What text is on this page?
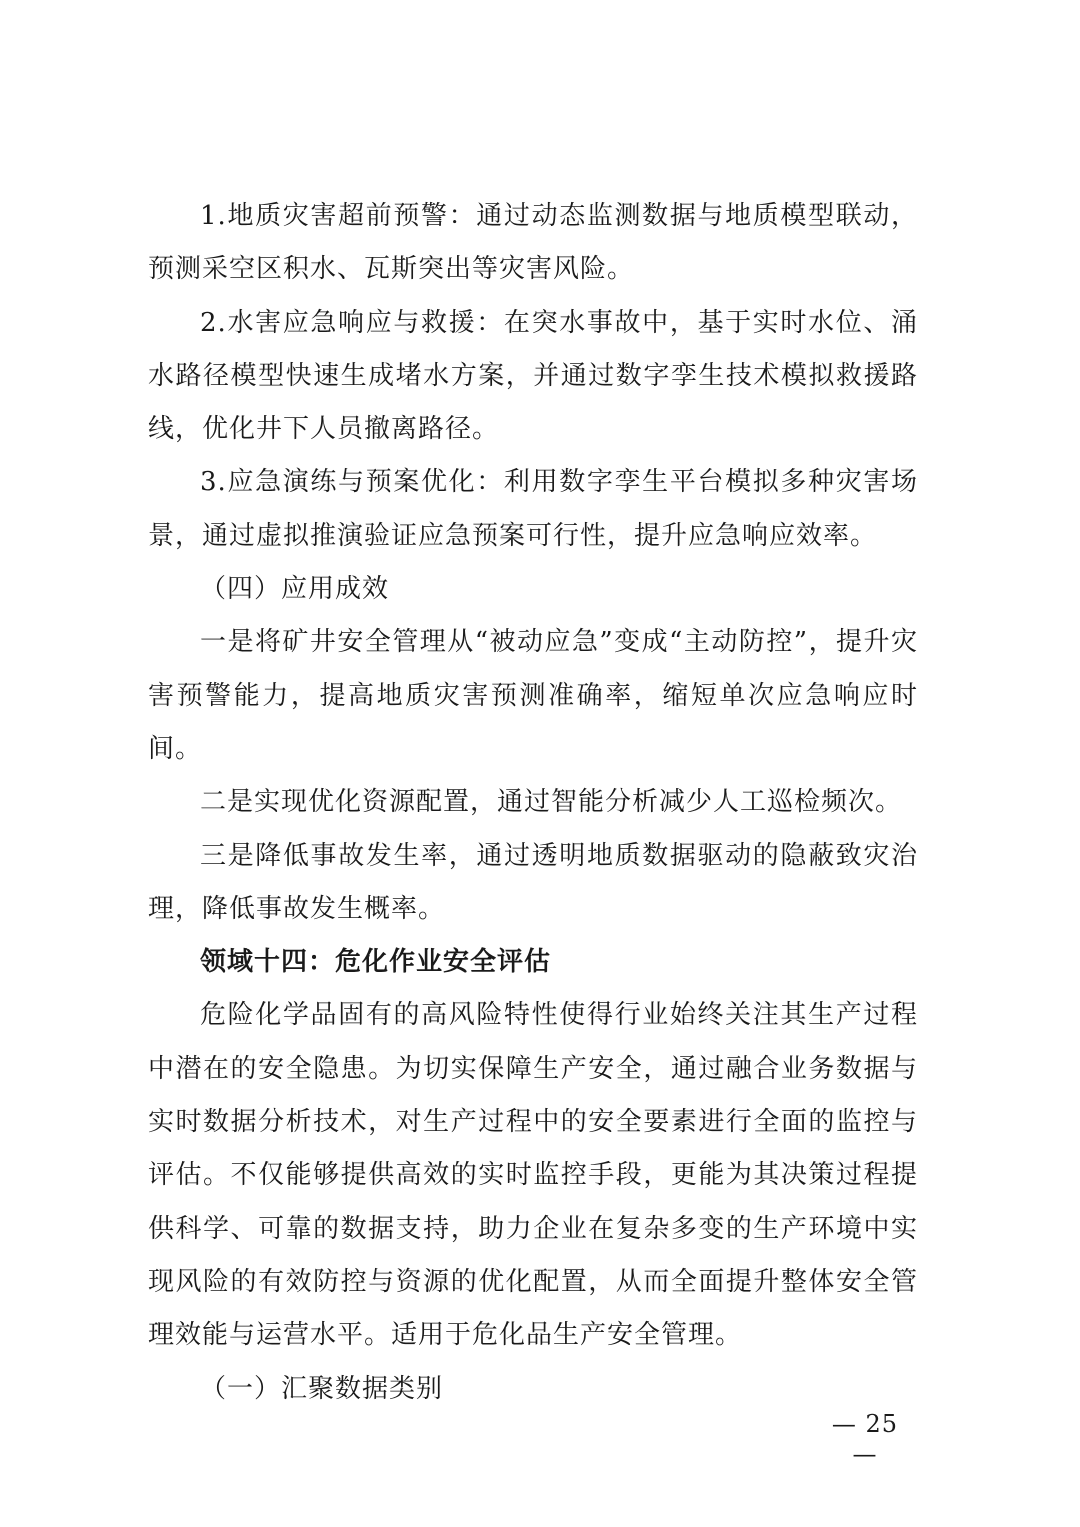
1.地质灾害超前预警：通过动态监测数据与地质模型联动，预测采空区积水、瓦斯突出等灾害风险。

2.水害应急响应与救援：在突水事故中，基于实时水位、涌水路径模型快速生成堵水方案，并通过数字孪生技术模拟救援路线，优化井下人员撤离路径。

3.应急演练与预案优化：利用数字孪生平台模拟多种灾害场景，通过虚拟推演验证应急预案可行性，提升应急响应效率。

（四）应用成效

一是将矿井安全管理从“被动应急”变成“主动防控”，提升灾害预警能力，提高地质灾害预测准确率，缩短单次应急响应时间。

二是实现优化资源配置，通过智能分析减少人工巡检频次。

三是降低事故发生率，通过透明地质数据驱动的隐蔽致灾治理，降低事故发生概率。

领域十四：危化作业安全评估

危险化学品固有的高风险特性使得行业始终关注其生产过程中潜在的安全隐患。为切实保障生产安全，通过融合业务数据与实时数据分析技术，对生产过程中的安全要素进行全面的监控与评估。不仅能够提供高效的实时监控手段，更能为其决策过程提供科学、可靠的数据支持，助力企业在复杂多变的生产环境中实现风险的有效防控与资源的优化配置，从而全面提升整体安全管理效能与运营水平。适用于危化品生产安全管理。

（一）汇聚数据类别

— 25 —
